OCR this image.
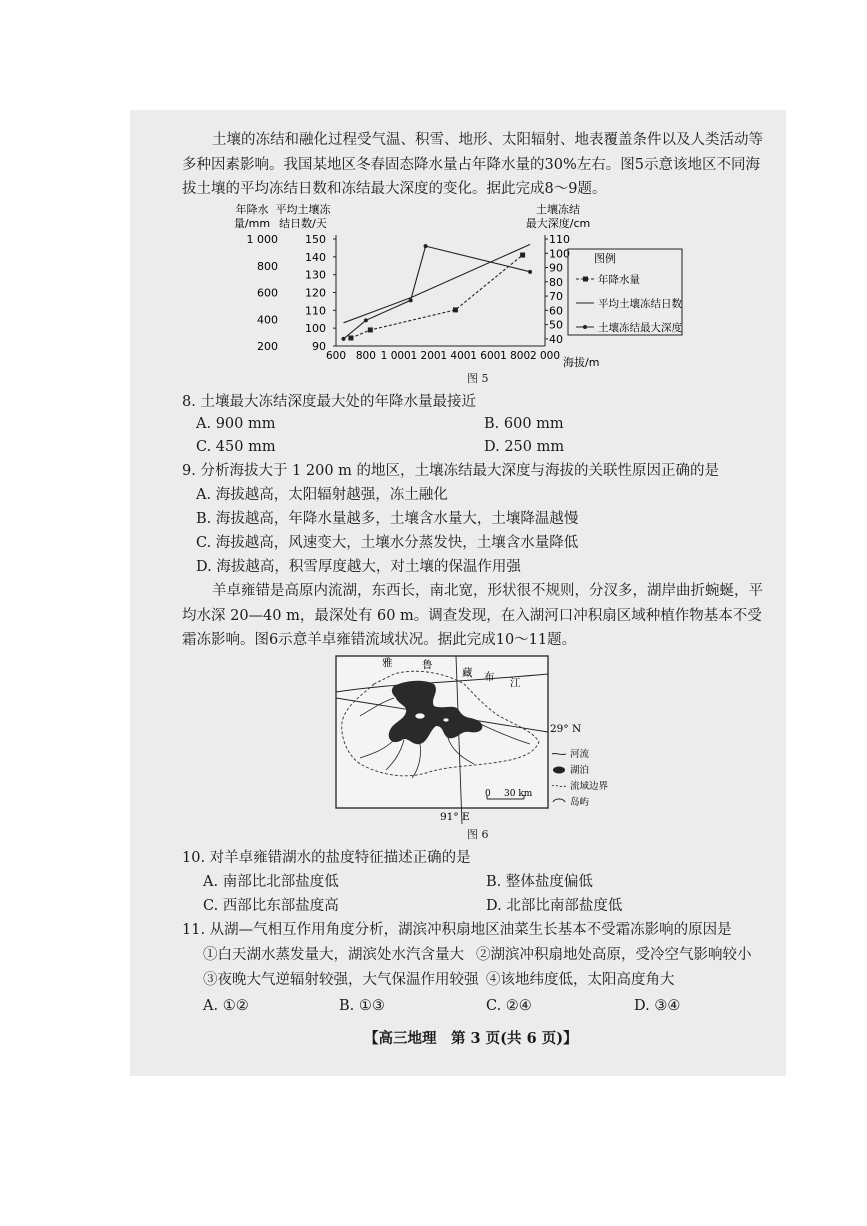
土壤的冻结和融化过程受气温、积雪、地形、太阳辐射、地表覆盖条件以及人类活动等多种因素影响。我国某地区冬春固态降水量占年降水量的30%左右。图5示意该地区不同海拔土壤的平均冻结日数和冻结最大深度的变化。据此完成8～9题。
200
400
600
800
1 000
年降水
量/mm
90
100
110
120
130
140
150
平均土壤冻
结日数/天
40
50
60
70
80
90
100
110
土壤冻结
最大深度/cm
600 800 1 000 1 200 1 400 1 600 1 800 2 000 海拔/m
图例
年降水量
平均土壤冻结日数
土壤冻结最大深度
图 5
8. 土壤最大冻结深度最大处的年降水量最接近
A. 900 mm	B. 600 mm
C. 450 mm	D. 250 mm
9. 分析海拔大于 1 200 m 的地区，土壤冻结最大深度与海拔的关联性原因正确的是
A. 海拔越高，太阳辐射越强，冻土融化
B. 海拔越高，年降水量越多，土壤含水量大，土壤降温越慢
C. 海拔越高，风速变大，土壤水分蒸发快，土壤含水量降低
D. 海拔越高，积雪厚度越大，对土壤的保温作用强
羊卓雍错是高原内流湖，东西长，南北宽，形状很不规则，分汊多，湖岸曲折蜿蜒，平均水深 20—40 m，最深处有 60 m。调查发现，在入湖河口冲积扇区域种植作物基本不受霜冻影响。图6示意羊卓雍错流域状况。据此完成10～11题。
雅	鲁
藏 布 江
29° N
91° E
0 30 km
河流
湖泊
流域边界
岛屿
图 6
10. 对羊卓雍错湖水的盐度特征描述正确的是
A. 南部比北部盐度低	B. 整体盐度偏低
C. 西部比东部盐度高	D. 北部比南部盐度低
11. 从湖—气相互作用角度分析，湖滨冲积扇地区油菜生长基本不受霜冻影响的原因是
①白天湖水蒸发量大，湖滨处水汽含量大 ②湖滨冲积扇地处高原，受冷空气影响较小
③夜晚大气逆辐射较强，大气保温作用较强 ④该地纬度低，太阳高度角大
A. ①②	B. ①③	C. ②④	D. ③④
【高三地理　第 3 页(共 6 页)】
